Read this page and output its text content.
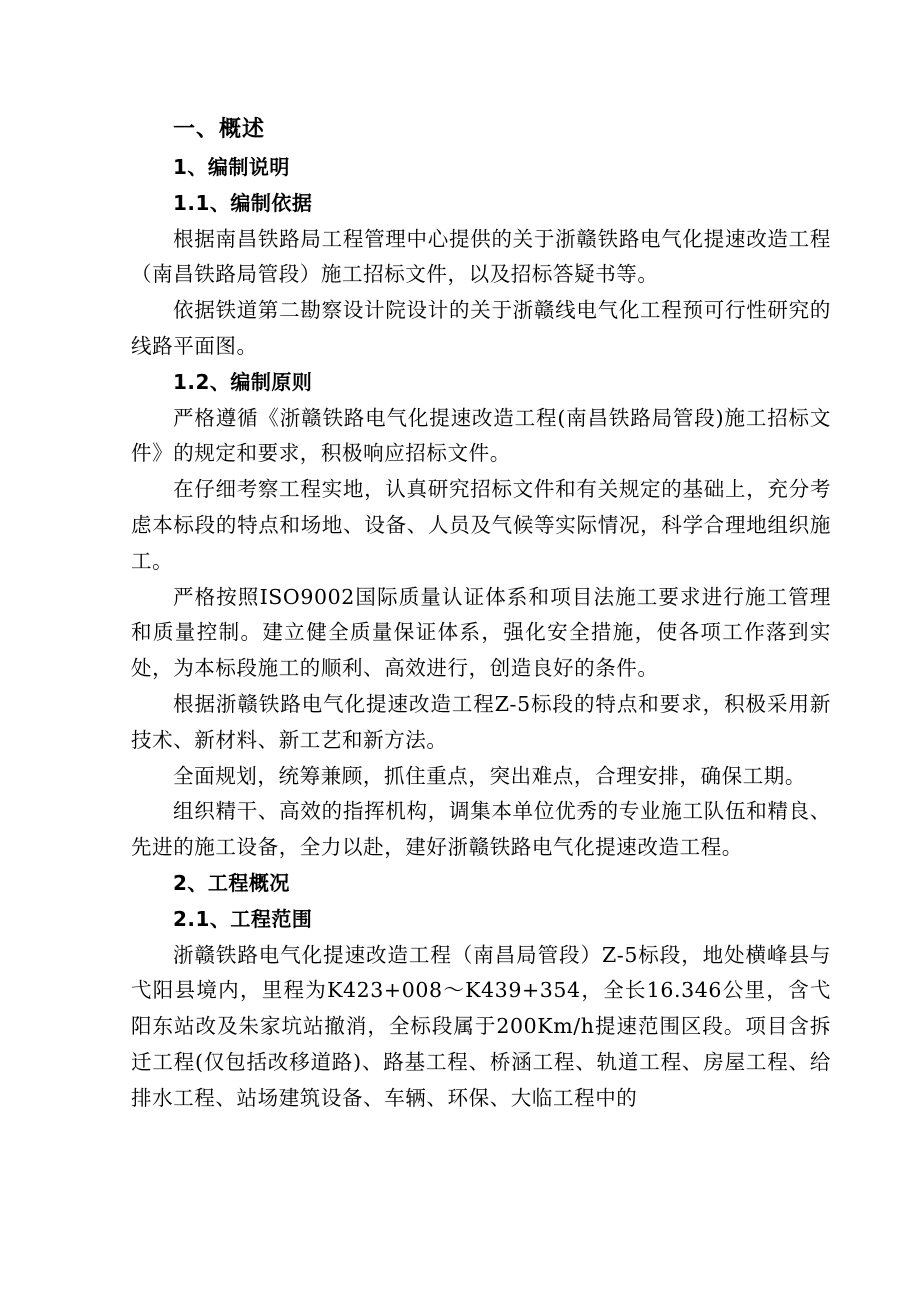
一、概述

1、编制说明

1.1、编制依据

根据南昌铁路局工程管理中心提供的关于浙赣铁路电气化提速改造工程（南昌铁路局管段）施工招标文件，以及招标答疑书等。

依据铁道第二勘察设计院设计的关于浙赣线电气化工程预可行性研究的线路平面图。

1.2、编制原则

严格遵循《浙赣铁路电气化提速改造工程(南昌铁路局管段)施工招标文件》的规定和要求，积极响应招标文件。

在仔细考察工程实地，认真研究招标文件和有关规定的基础上，充分考虑本标段的特点和场地、设备、人员及气候等实际情况，科学合理地组织施工。

严格按照ISO9002国际质量认证体系和项目法施工要求进行施工管理和质量控制。建立健全质量保证体系，强化安全措施，使各项工作落到实处，为本标段施工的顺利、高效进行，创造良好的条件。

根据浙赣铁路电气化提速改造工程Z-5标段的特点和要求，积极采用新技术、新材料、新工艺和新方法。

全面规划，统筹兼顾，抓住重点，突出难点，合理安排，确保工期。

组织精干、高效的指挥机构，调集本单位优秀的专业施工队伍和精良、先进的施工设备，全力以赴，建好浙赣铁路电气化提速改造工程。

2、工程概况

2.1、工程范围

浙赣铁路电气化提速改造工程（南昌局管段）Z-5标段，地处横峰县与弋阳县境内，里程为K423+008～K439+354，全长16.346公里，含弋阳东站改及朱家坑站撤消，全标段属于200Km/h提速范围区段。项目含拆迁工程(仅包括改移道路)、路基工程、桥涵工程、轨道工程、房屋工程、给排水工程、站场建筑设备、车辆、环保、大临工程中的
